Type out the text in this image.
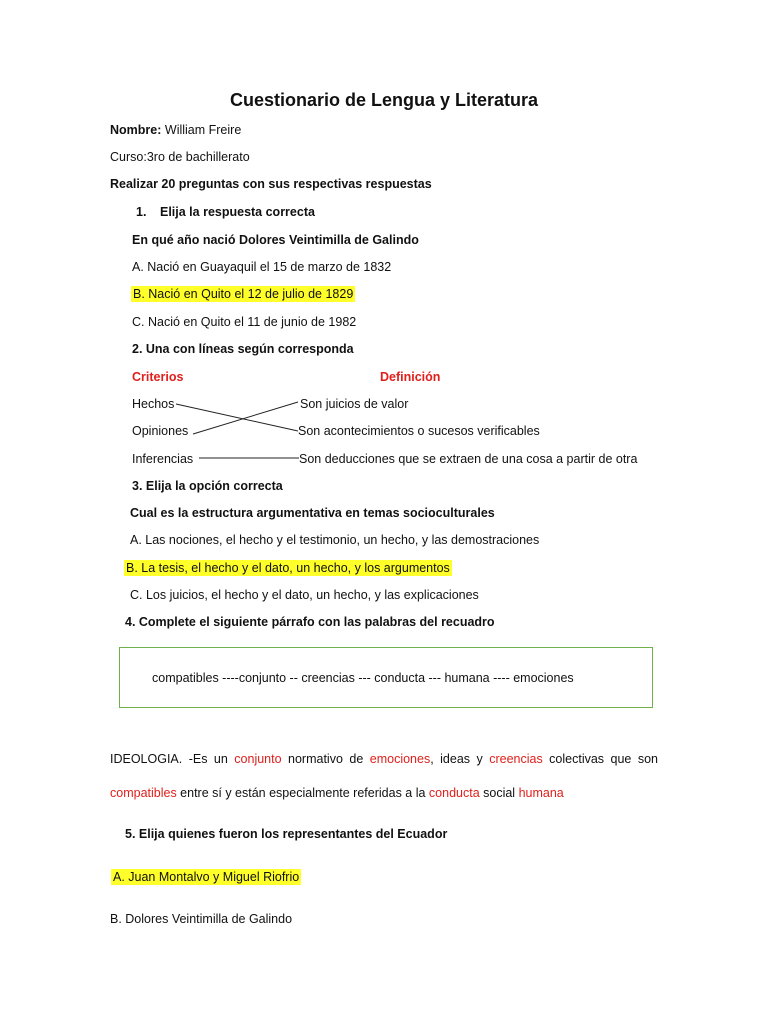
Cuestionario de Lengua y Literatura
Nombre: William Freire
Curso:3ro de bachillerato
Realizar 20 preguntas con sus respectivas respuestas
1. Elija la respuesta correcta
En qué año nació Dolores Veintimilla de Galindo
A. Nació en Guayaquil el 15 de marzo de 1832
B. Nació en Quito el 12 de julio de 1829
C. Nació en Quito el 11 de junio de 1982
2. Una con líneas según corresponda
Criterios	Definición
Hechos
Opiniones
Inferencias
Son juicios de valor
Son acontecimientos o sucesos verificables
Son deducciones que se extraen de una cosa a partir de otra
3. Elija la opción correcta
Cual es la estructura argumentativa en temas socioculturales
A. Las nociones, el hecho y el testimonio, un hecho, y las demostraciones
B. La tesis, el hecho y el dato, un hecho, y los argumentos
C. Los juicios, el hecho y el dato, un hecho, y las explicaciones
4. Complete el siguiente párrafo con las palabras del recuadro
compatibles ----conjunto -- creencias --- conducta --- humana ---- emociones
IDEOLOGIA. -Es un conjunto normativo de emociones, ideas y creencias colectivas que son
compatibles entre sí y están especialmente referidas a la conducta social humana
5. Elija quienes fueron los representantes del Ecuador
A. Juan Montalvo y Miguel Riofrio
B. Dolores Veintimilla de Galindo
